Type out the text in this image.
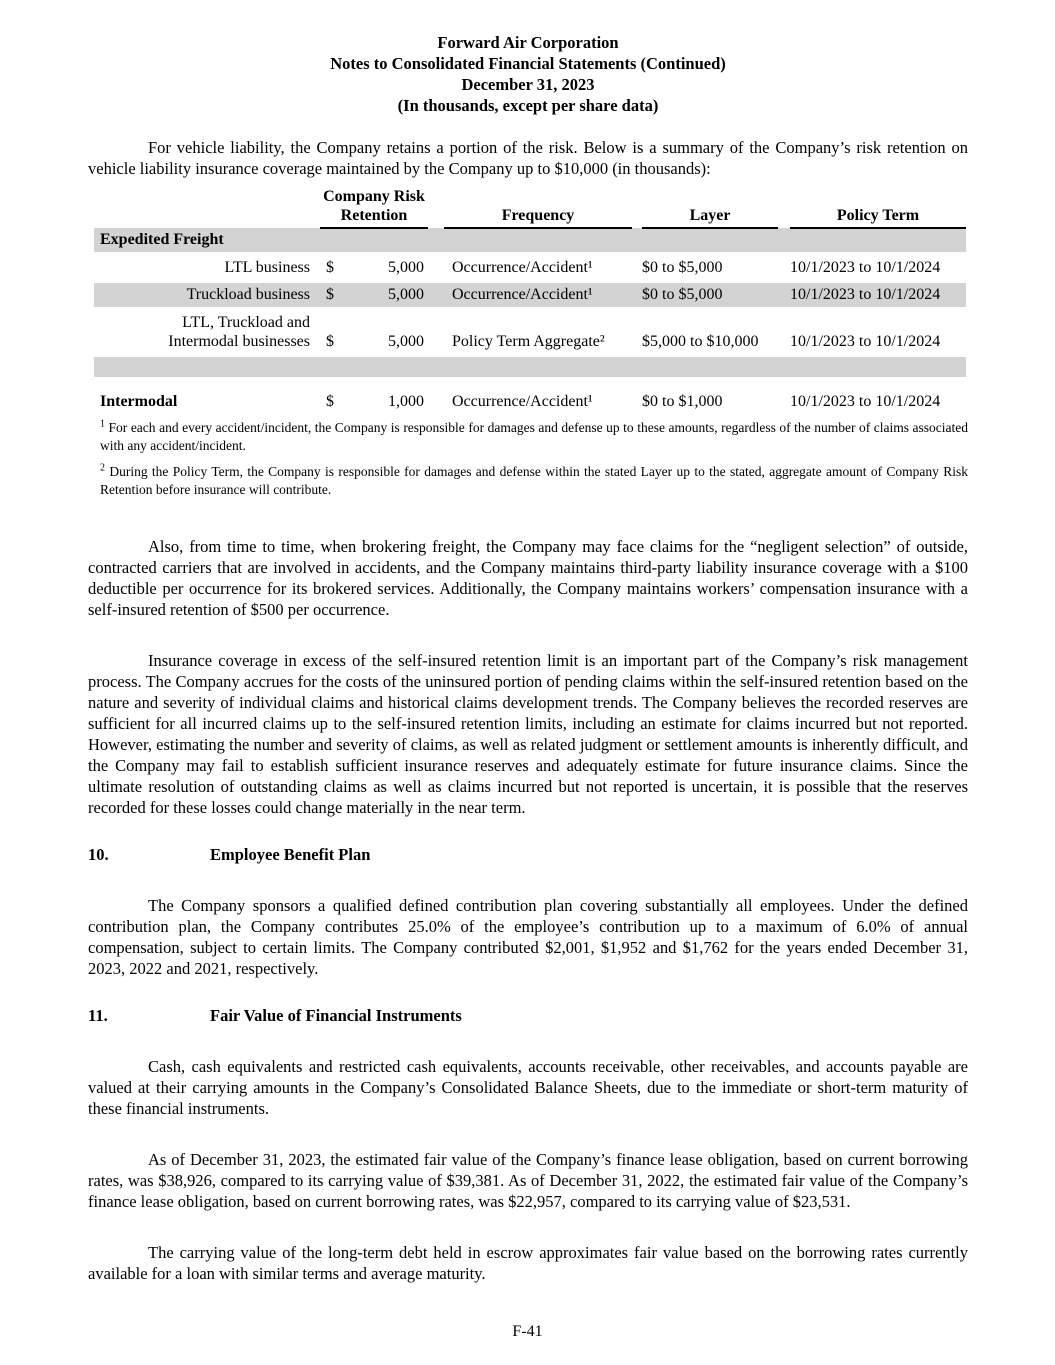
Forward Air Corporation
Notes to Consolidated Financial Statements (Continued)
December 31, 2023
(In thousands, except per share data)

For vehicle liability, the Company retains a portion of the risk. Below is a summary of the Company’s risk retention on vehicle liability insurance coverage maintained by the Company up to $10,000 (in thousands):

	Company Risk Retention			Frequency		Layer		Policy Term
Expedited Freight								
LTL business	$	5,000		Occurrence/Accident¹		$0 to $5,000		10/1/2023 to 10/1/2024
Truckload business	$	5,000		Occurrence/Accident¹		$0 to $5,000		10/1/2023 to 10/1/2024
LTL, Truckload and Intermodal businesses	$	5,000		Policy Term Aggregate²		$5,000 to $10,000		10/1/2023 to 10/1/2024

Intermodal	$	1,000		Occurrence/Accident¹		$0 to $1,000		10/1/2023 to 10/1/2024

$^1$ For each and every accident/incident, the Company is responsible for damages and defense up to these amounts, regardless of the number of claims associated with any accident/incident.

$^2$ During the Policy Term, the Company is responsible for damages and defense within the stated Layer up to the stated, aggregate amount of Company Risk Retention before insurance will contribute.

Also, from time to time, when brokering freight, the Company may face claims for the “negligent selection” of outside, contracted carriers that are involved in accidents, and the Company maintains third-party liability insurance coverage with a $100 deductible per occurrence for its brokered services. Additionally, the Company maintains workers’ compensation insurance with a self-insured retention of $500 per occurrence.

Insurance coverage in excess of the self-insured retention limit is an important part of the Company’s risk management process. The Company accrues for the costs of the uninsured portion of pending claims within the self-insured retention based on the nature and severity of individual claims and historical claims development trends. The Company believes the recorded reserves are sufficient for all incurred claims up to the self-insured retention limits, including an estimate for claims incurred but not reported. However, estimating the number and severity of claims, as well as related judgment or settlement amounts is inherently difficult, and the Company may fail to establish sufficient insurance reserves and adequately estimate for future insurance claims. Since the ultimate resolution of outstanding claims as well as claims incurred but not reported is uncertain, it is possible that the reserves recorded for these losses could change materially in the near term.

10.	Employee Benefit Plan

The Company sponsors a qualified defined contribution plan covering substantially all employees. Under the defined contribution plan, the Company contributes 25.0% of the employee’s contribution up to a maximum of 6.0% of annual compensation, subject to certain limits. The Company contributed $2,001, $1,952 and $1,762 for the years ended December 31, 2023, 2022 and 2021, respectively.

11.	Fair Value of Financial Instruments

Cash, cash equivalents and restricted cash equivalents, accounts receivable, other receivables, and accounts payable are valued at their carrying amounts in the Company’s Consolidated Balance Sheets, due to the immediate or short-term maturity of these financial instruments.

As of December 31, 2023, the estimated fair value of the Company’s finance lease obligation, based on current borrowing rates, was $38,926, compared to its carrying value of $39,381. As of December 31, 2022, the estimated fair value of the Company’s finance lease obligation, based on current borrowing rates, was $22,957, compared to its carrying value of $23,531.

The carrying value of the long-term debt held in escrow approximates fair value based on the borrowing rates currently available for a loan with similar terms and average maturity.

F-41
